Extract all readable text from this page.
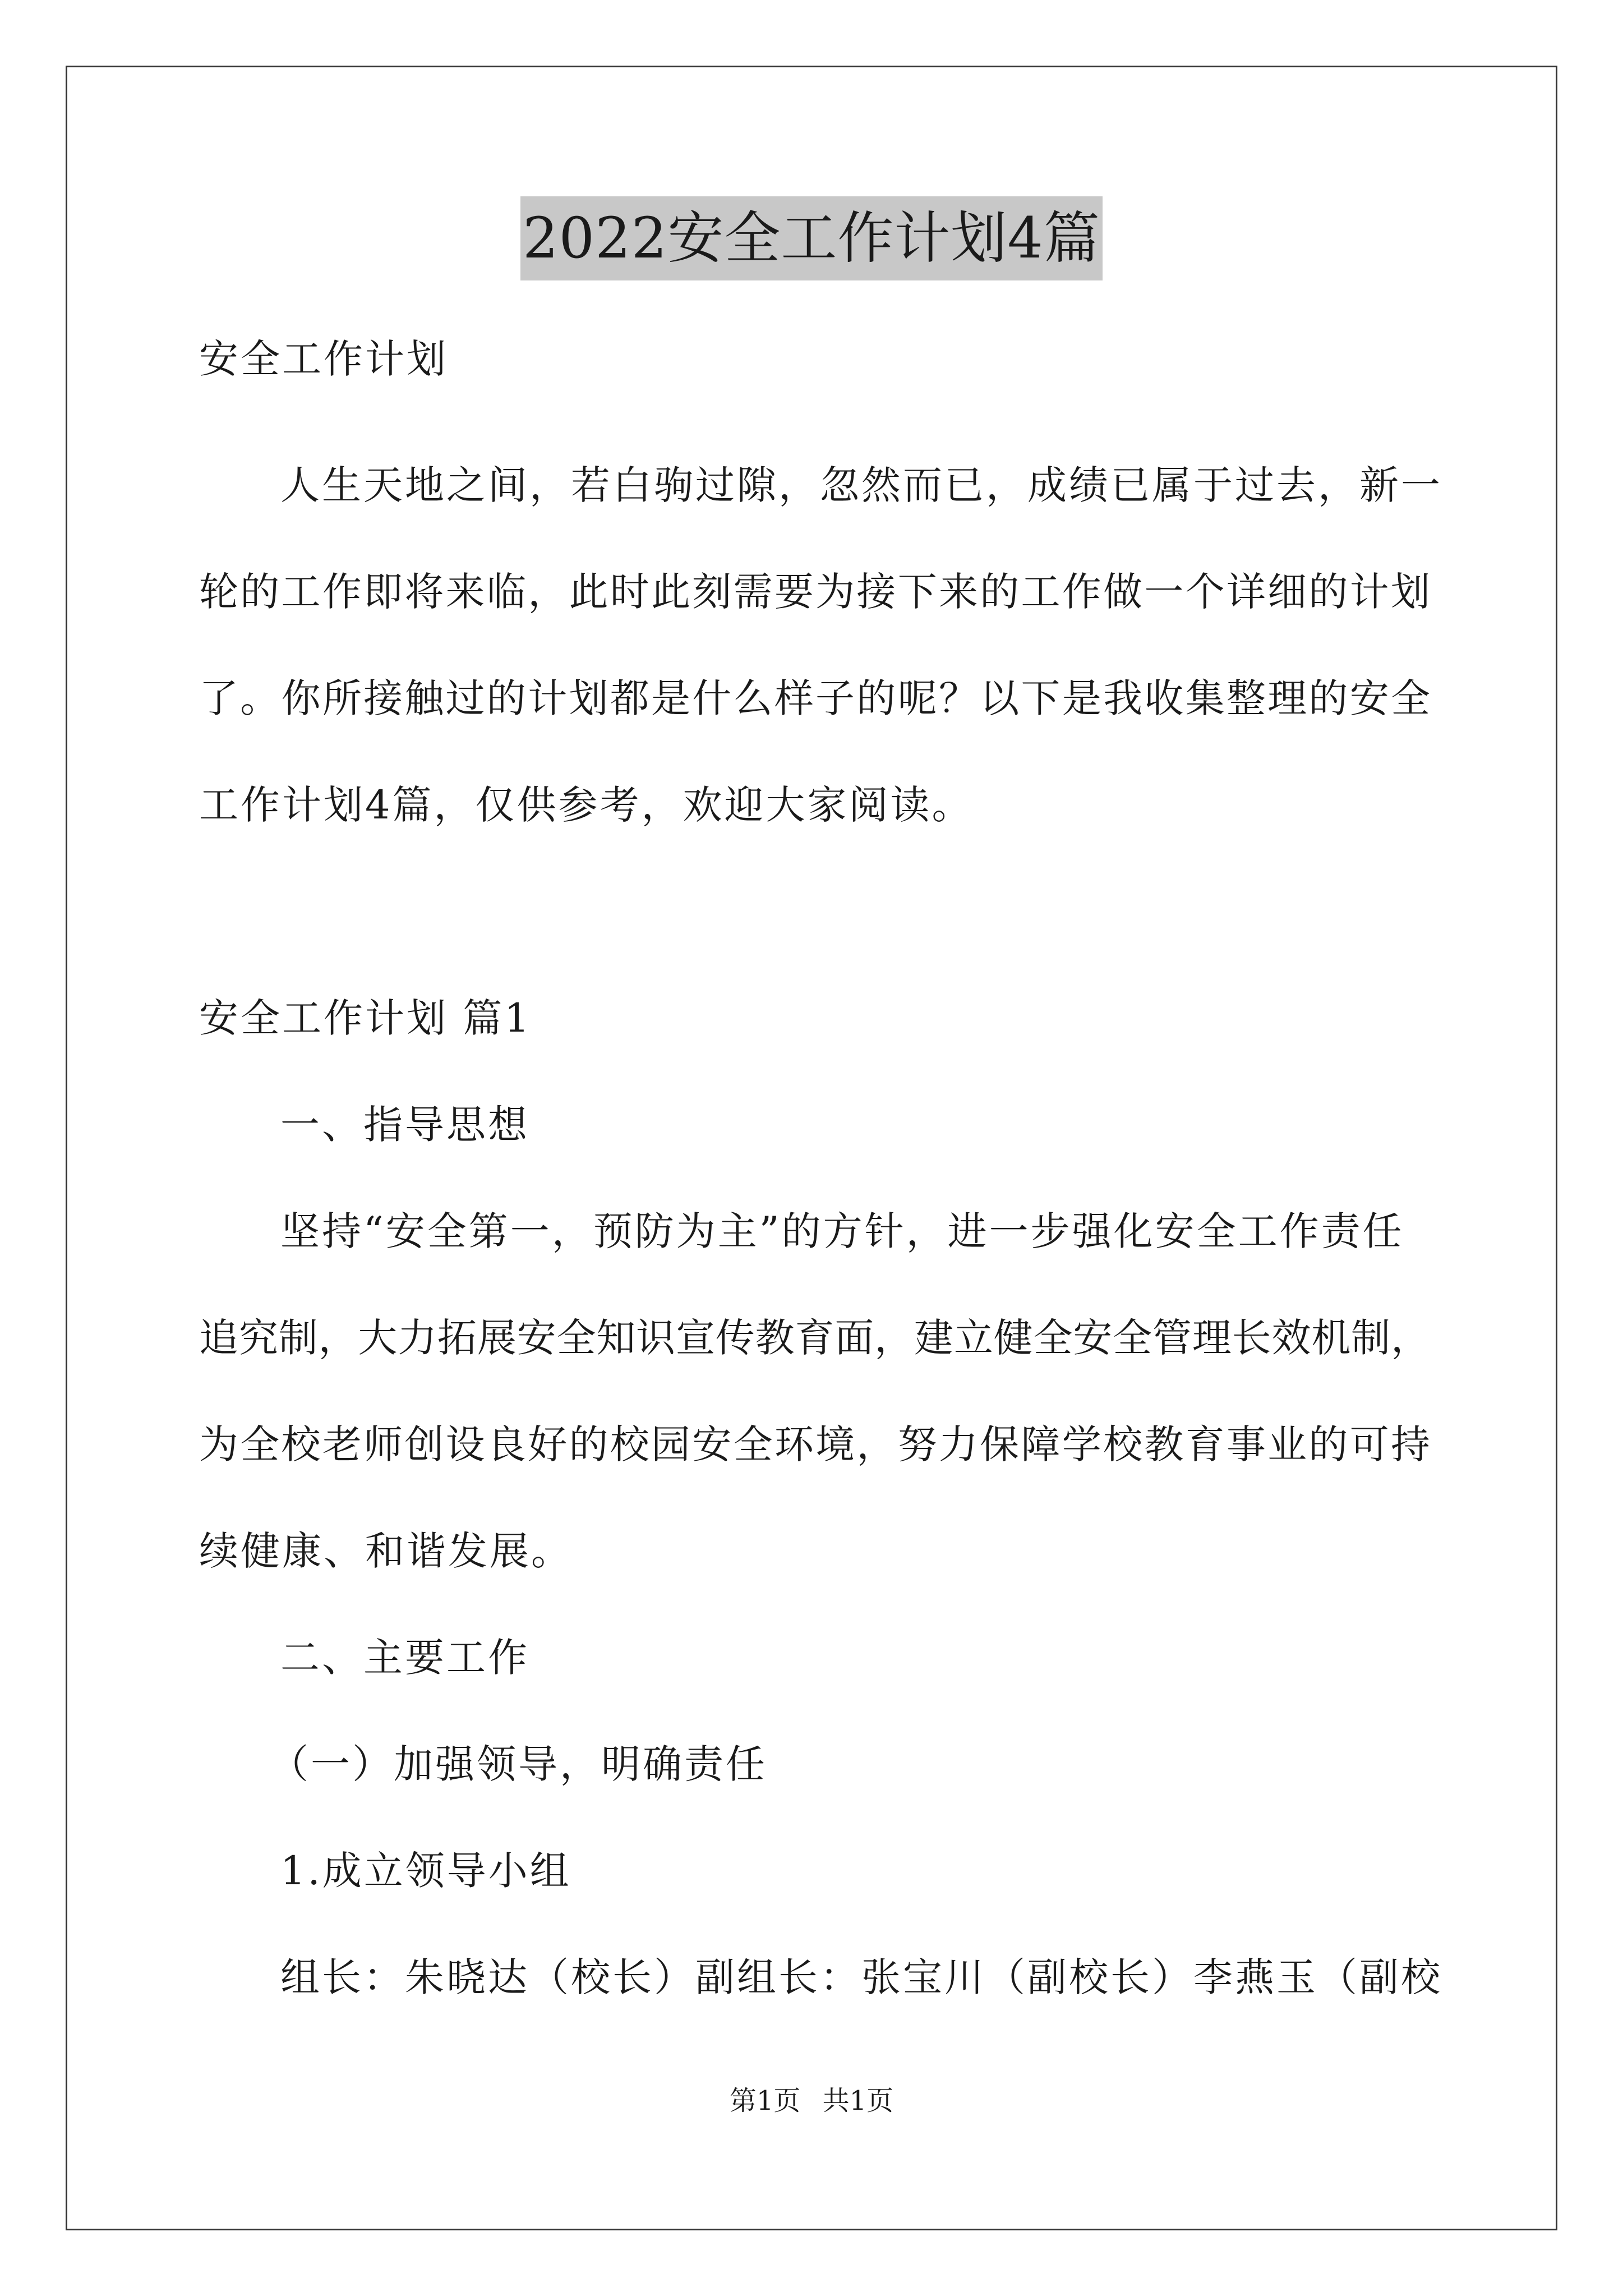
2022安全工作计划4篇
安全工作计划
人生天地之间，若白驹过隙，忽然而已，成绩已属于过去，新一
轮的工作即将来临，此时此刻需要为接下来的工作做一个详细的计划
了。你所接触过的计划都是什么样子的呢？以下是我收集整理的安全
工作计划4篇，仅供参考，欢迎大家阅读。
安全工作计划 篇1
一、指导思想
坚持“安全第一，预防为主”的方针，进一步强化安全工作责任
追究制，大力拓展安全知识宣传教育面，建立健全安全管理长效机制，
为全校老师创设良好的校园安全环境，努力保障学校教育事业的可持
续健康、和谐发展。
二、主要工作
（一）加强领导，明确责任
1.成立领导小组
组长：朱晓达（校长）副组长：张宝川（副校长）李燕玉（副校
第1页 共1页
